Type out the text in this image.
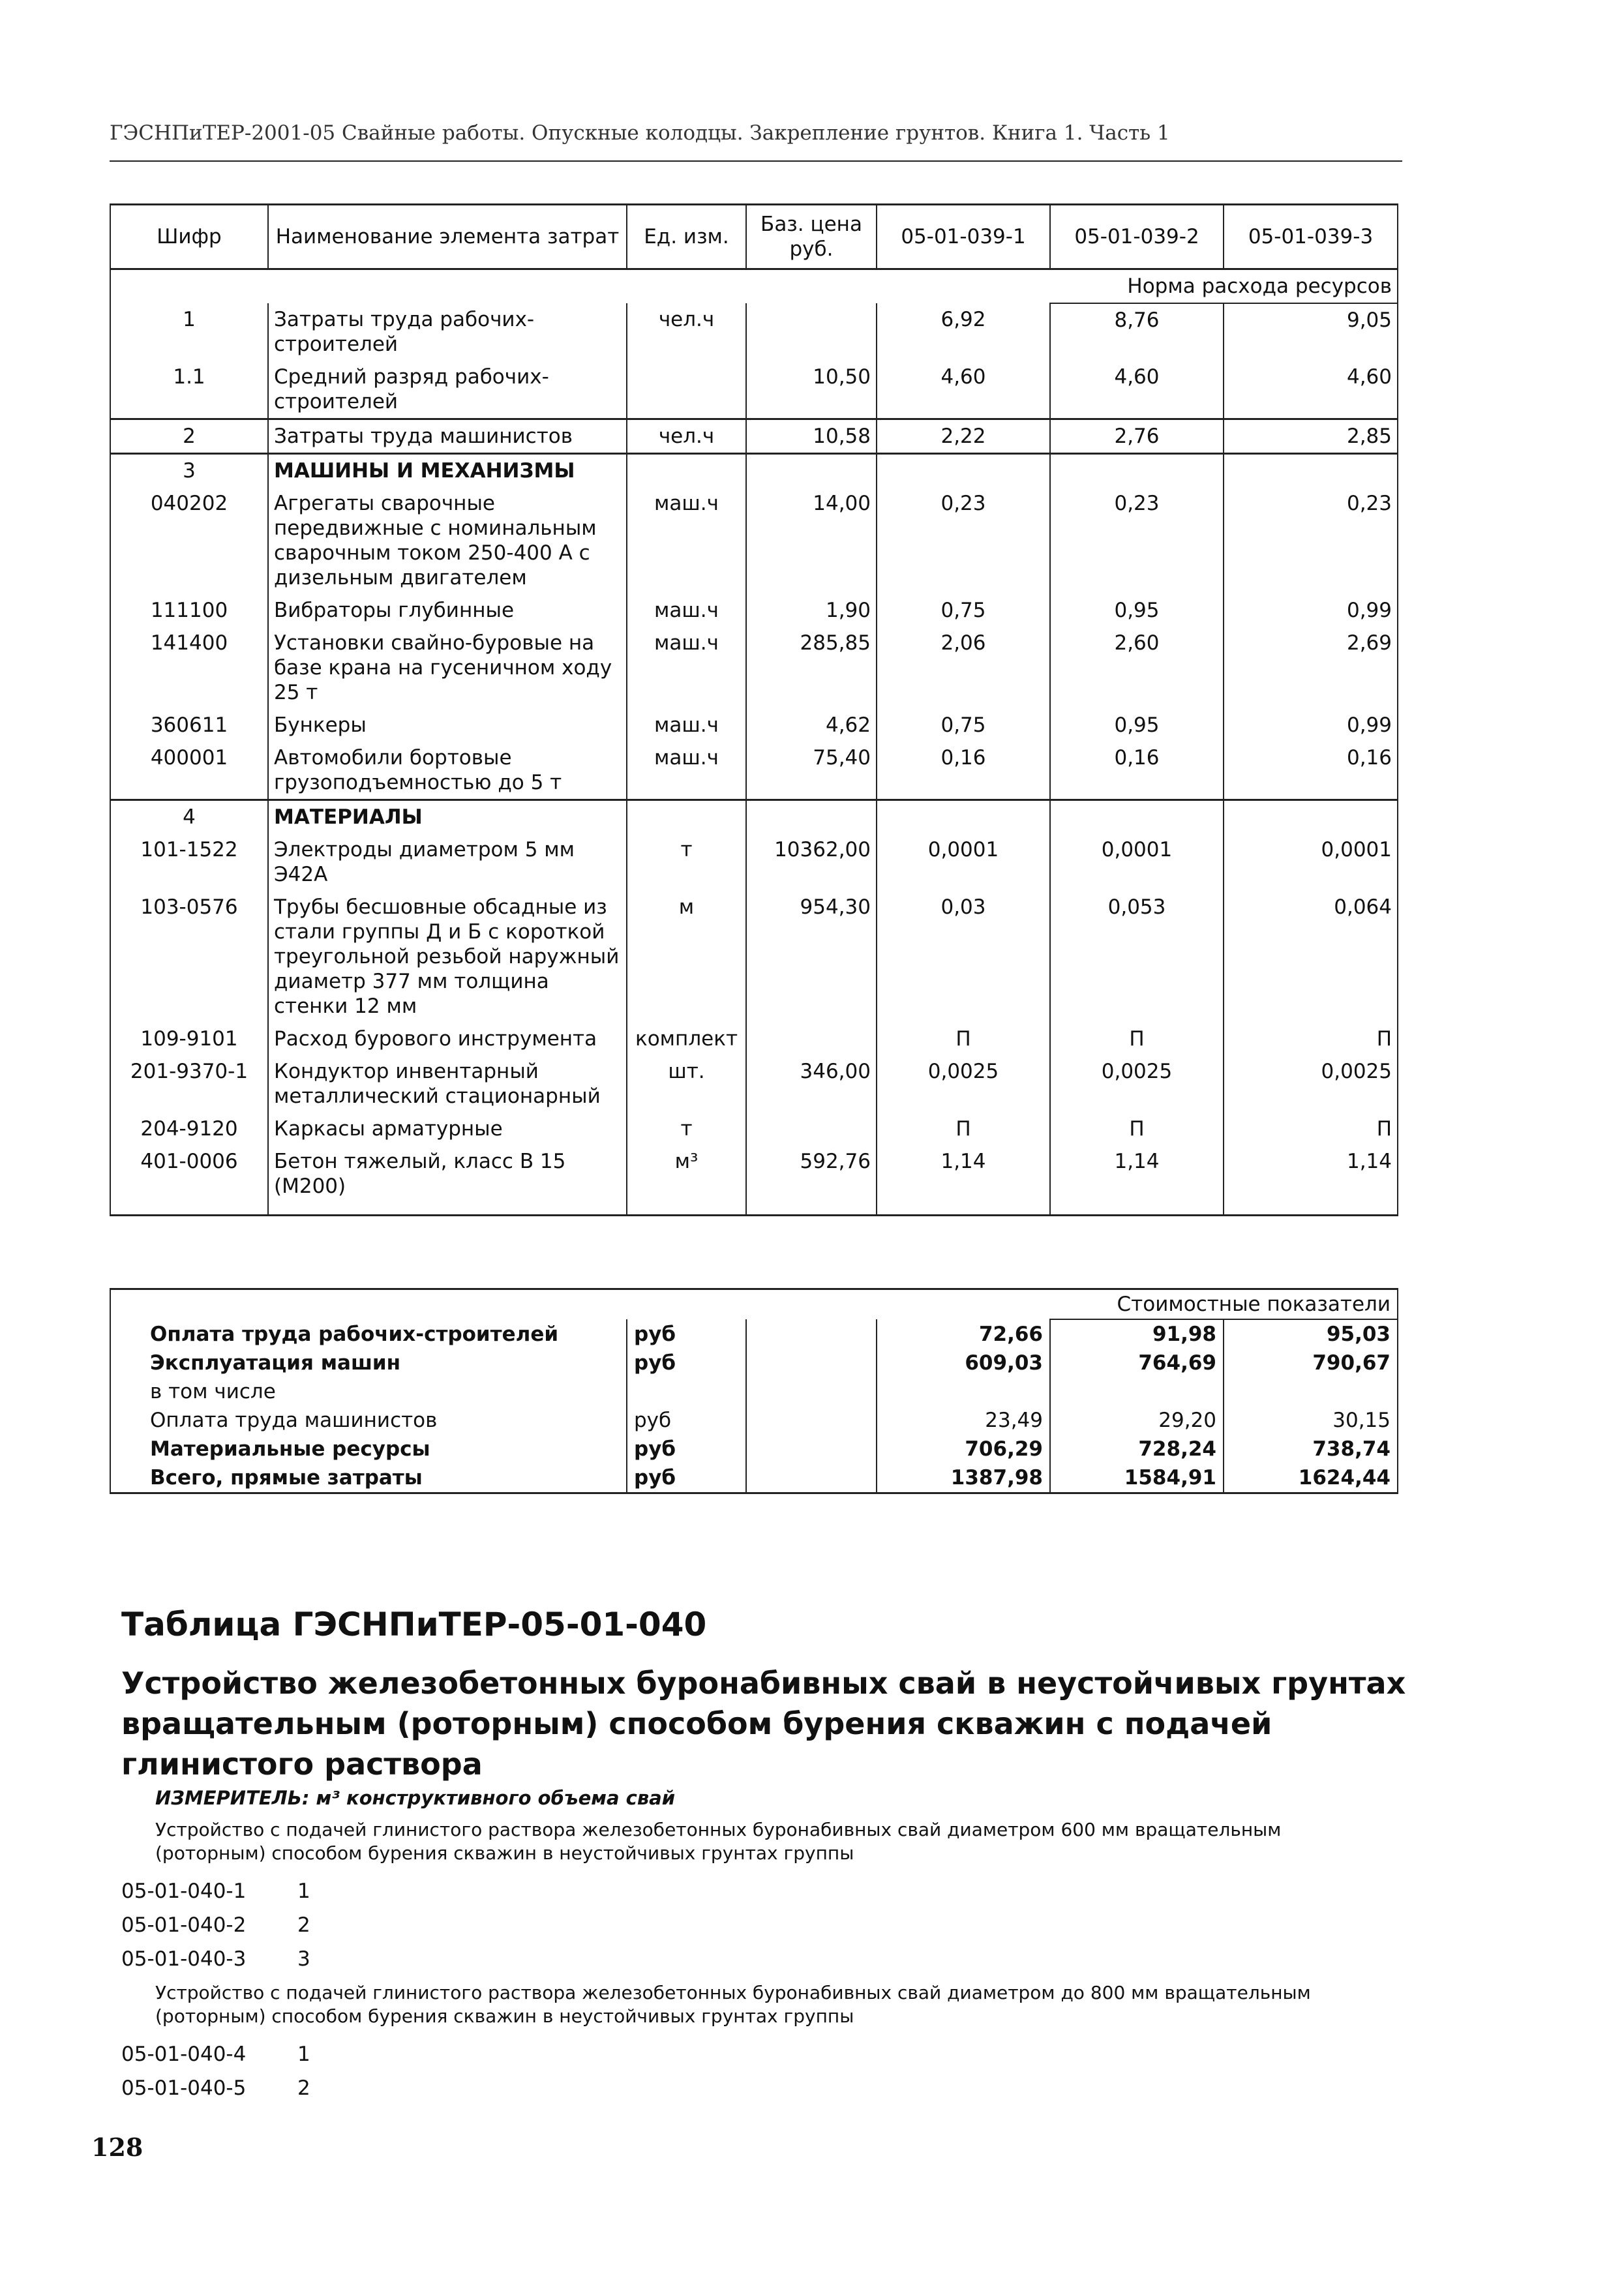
ГЭСНПиТЕР-2001-05 Свайные работы. Опускные колодцы. Закрепление грунтов. Книга 1. Часть 1
Шифр	Наименование элемента затрат	Ед. изм.	Баз. цена руб.	05-01-039-1	05-01-039-2	05-01-039-3
					Норма расхода ресурсов	
1	Затраты труда рабочих-строителей	чел.ч		6,92	8,76	9,05
1.1	Средний разряд рабочих-строителей		10,50	4,60	4,60	4,60
2	Затраты труда машинистов	чел.ч	10,58	2,22	2,76	2,85
3	МАШИНЫ И МЕХАНИЗМЫ					
040202	Агрегаты сварочные передвижные с номинальным сварочным током 250-400 А с дизельным двигателем	маш.ч	14,00	0,23	0,23	0,23
111100	Вибраторы глубинные	маш.ч	1,90	0,75	0,95	0,99
141400	Установки свайно-буровые на базе крана на гусеничном ходу 25 т	маш.ч	285,85	2,06	2,60	2,69
360611	Бункеры	маш.ч	4,62	0,75	0,95	0,99
400001	Автомобили бортовые грузоподъемностью до 5 т	маш.ч	75,40	0,16	0,16	0,16
4	МАТЕРИАЛЫ					
101-1522	Электроды диаметром 5 мм Э42А	т	10362,00	0,0001	0,0001	0,0001
103-0576	Трубы бесшовные обсадные из стали группы Д и Б с короткой треугольной резьбой наружный диаметр 377 мм толщина стенки 12 мм	м	954,30	0,03	0,053	0,064
109-9101	Расход бурового инструмента	комплект		П	П	П
201-9370-1	Кондуктор инвентарный металлический стационарный	шт.	346,00	0,0025	0,0025	0,0025
204-9120	Каркасы арматурные	т		П	П	П
401-0006	Бетон тяжелый, класс В 15 (М200)	м³	592,76	1,14	1,14	1,14
				Стоимостные показатели	
Оплата труда рабочих-строителей	руб		72,66	91,98	95,03
Эксплуатация машин	руб		609,03	764,69	790,67
в том числе					
Оплата труда машинистов	руб		23,49	29,20	30,15
Материальные ресурсы	руб		706,29	728,24	738,74
Всего, прямые затраты	руб		1387,98	1584,91	1624,44
Таблица ГЭСНПиТЕР-05-01-040
Устройство железобетонных буронабивных свай в неустойчивых грунтах вращательным (роторным) способом бурения скважин с подачей глинистого раствора
ИЗМЕРИТЕЛЬ: м³ конструктивного объема свай
Устройство с подачей глинистого раствора железобетонных буронабивных свай диаметром 600 мм вращательным (роторным) способом бурения скважин в неустойчивых грунтах группы
05-01-040-1	1
05-01-040-2	2
05-01-040-3	3
Устройство с подачей глинистого раствора железобетонных буронабивных свай диаметром до 800 мм вращательным (роторным) способом бурения скважин в неустойчивых грунтах группы
05-01-040-4	1
05-01-040-5	2
128
